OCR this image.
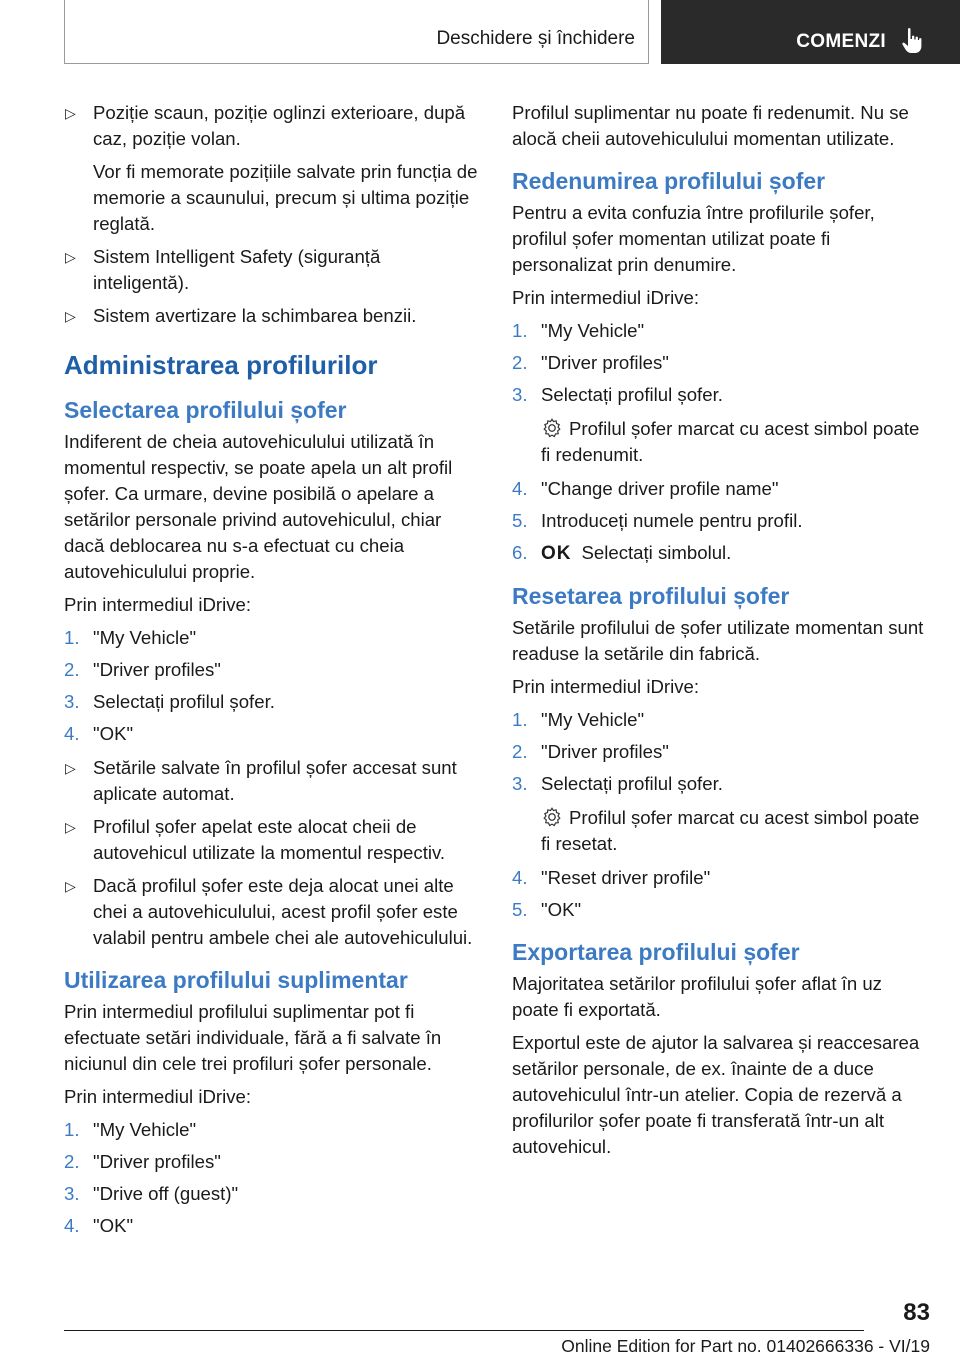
Deschidere și închidere	COMENZI
▷ Poziție scaun, poziție oglinzi exterioare, după caz, poziție volan.
Vor fi memorate pozițiile salvate prin funcția de memorie a scaunului, precum și ultima poziție reglată.
▷ Sistem Intelligent Safety (siguranță inteligentă).
▷ Sistem avertizare la schimbarea benzii.
Administrarea profilurilor
Selectarea profilului șofer

Indiferent de cheia autovehiculului utilizată în momentul respectiv, se poate apela un alt profil șofer. Ca urmare, devine posibilă o apelare a setărilor personale privind autovehiculul, chiar dacă deblocarea nu s-a efectuat cu cheia autovehiculului proprie.

Prin intermediul iDrive:

1. "My Vehicle"
2. "Driver profiles"
3. Selectați profilul șofer.
4. "OK"
▷ Setările salvate în profilul șofer accesat sunt aplicate automat.
▷ Profilul șofer apelat este alocat cheii de autovehicul utilizate la momentul respectiv.
▷ Dacă profilul șofer este deja alocat unei alte chei a autovehiculului, acest profil șofer este valabil pentru ambele chei ale autovehiculului.
Utilizarea profilului suplimentar

Prin intermediul profilului suplimentar pot fi efectuate setări individuale, fără a fi salvate în niciunul din cele trei profiluri șofer personale.

Prin intermediul iDrive:

1. "My Vehicle"
2. "Driver profiles"
3. "Drive off (guest)"
4. "OK"

Profilul suplimentar nu poate fi redenumit. Nu se alocă cheii autovehiculului momentan utilizate.

Redenumirea profilului șofer

Pentru a evita confuzia între profilurile șofer, profilul șofer momentan utilizat poate fi personalizat prin denumire.

Prin intermediul iDrive:

1. "My Vehicle"
2. "Driver profiles"
3. Selectați profilul șofer.
Profilul șofer marcat cu acest simbol poate fi redenumit.
4. "Change driver profile name"
5. Introduceți numele pentru profil.
6. OK Selectați simbolul.
Resetarea profilului șofer

Setările profilului de șofer utilizate momentan sunt readuse la setările din fabrică.

Prin intermediul iDrive:

1. "My Vehicle"
2. "Driver profiles"
3. Selectați profilul șofer.
Profilul șofer marcat cu acest simbol poate fi resetat.
4. "Reset driver profile"
5. "OK"
Exportarea profilului șofer

Majoritatea setărilor profilului șofer aflat în uz poate fi exportată.

Exportul este de ajutor la salvarea și reaccesarea setărilor personale, de ex. înainte de a duce autovehiculul într-un atelier. Copia de rezervă a profilurilor șofer poate fi transferată într-un alt autovehicul.

83
Online Edition for Part no. 01402666336 - VI/19
